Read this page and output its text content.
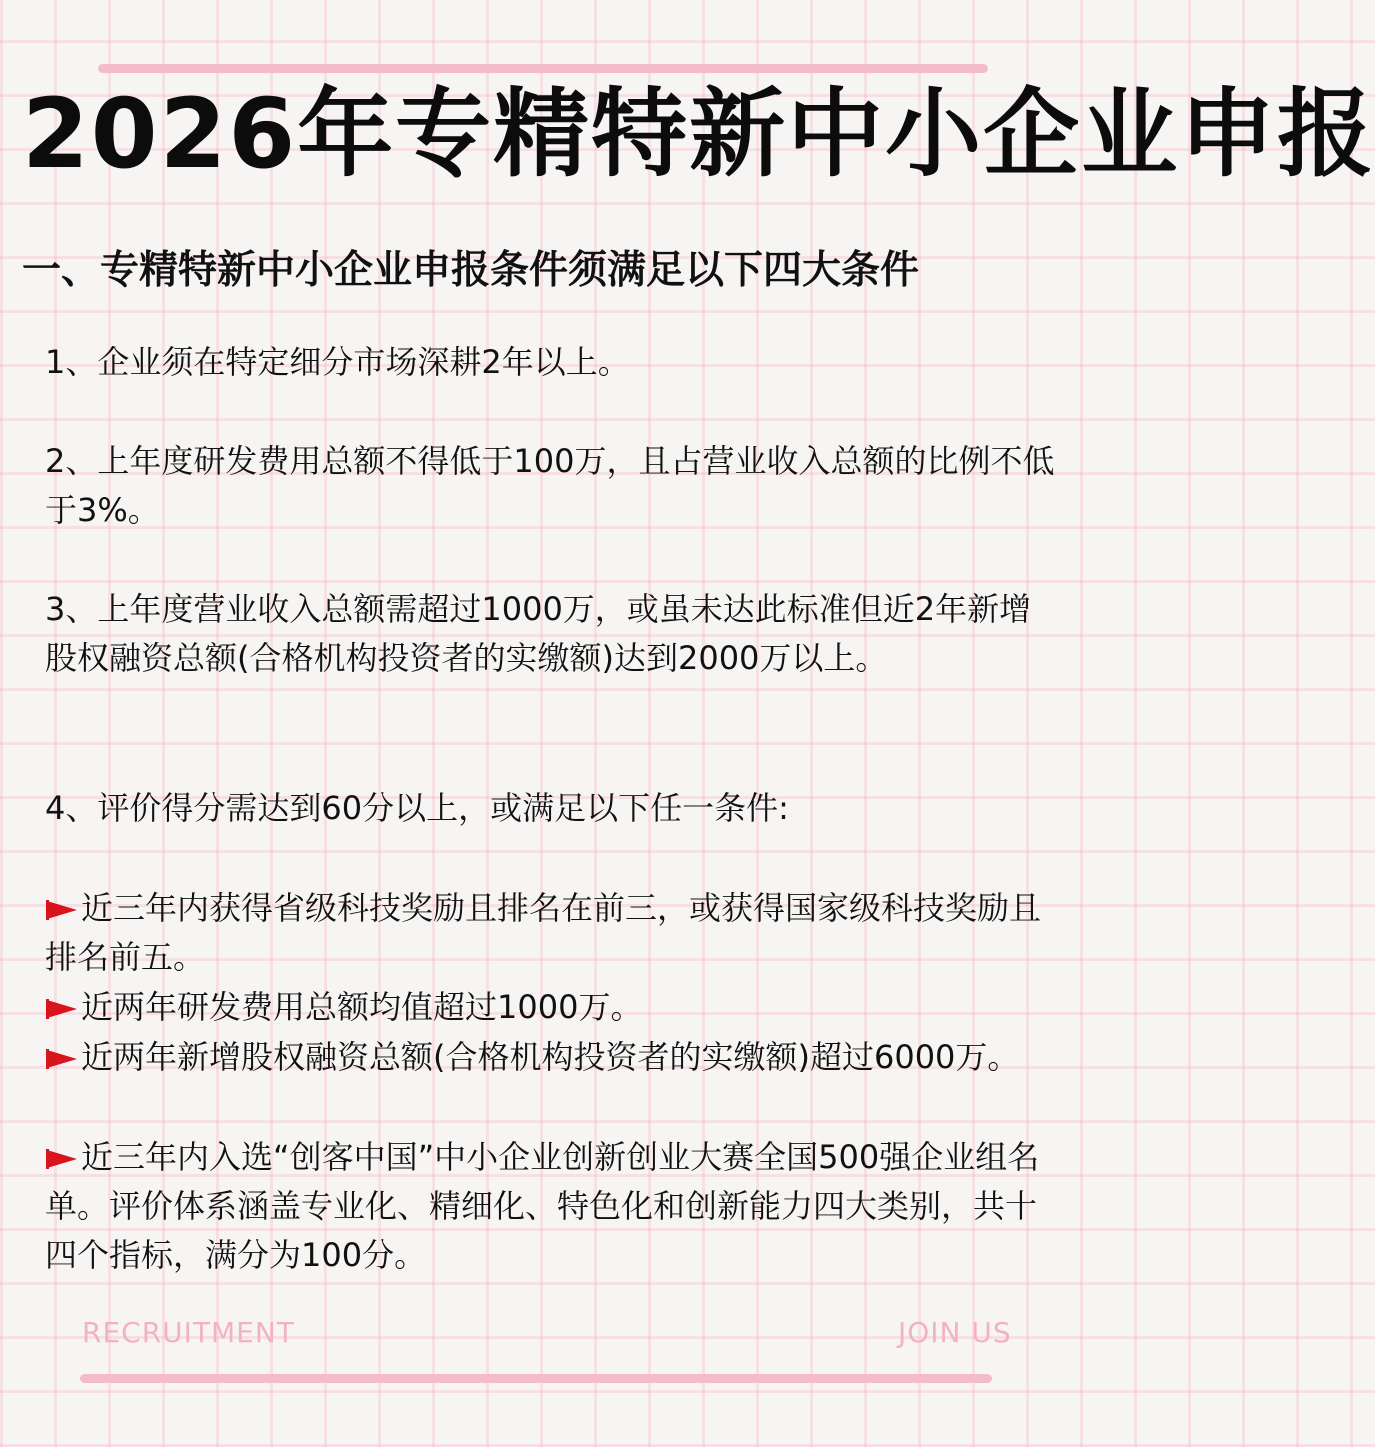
2026年专精特新中小企业申报
一、专精特新中小企业申报条件须满足以下四大条件

1、企业须在特定细分市场深耕2年以上。

2、上年度研发费用总额不得低于100万，且占营业收入总额的比例不低于3%。

3、上年度营业收入总额需超过1000万，或虽未达此标准但近2年新增股权融资总额(合格机构投资者的实缴额)达到2000万以上。

4、评价得分需达到60分以上，或满足以下任一条件:

近三年内获得省级科技奖励且排名在前三，或获得国家级科技奖励且排名前五。

近两年研发费用总额均值超过1000万。

近两年新增股权融资总额(合格机构投资者的实缴额)超过6000万。

近三年内入选“创客中国”中小企业创新创业大赛全国500强企业组名单。评价体系涵盖专业化、精细化、特色化和创新能力四大类别，共十四个指标，满分为100分。

RECRUITMENT	JOIN US
